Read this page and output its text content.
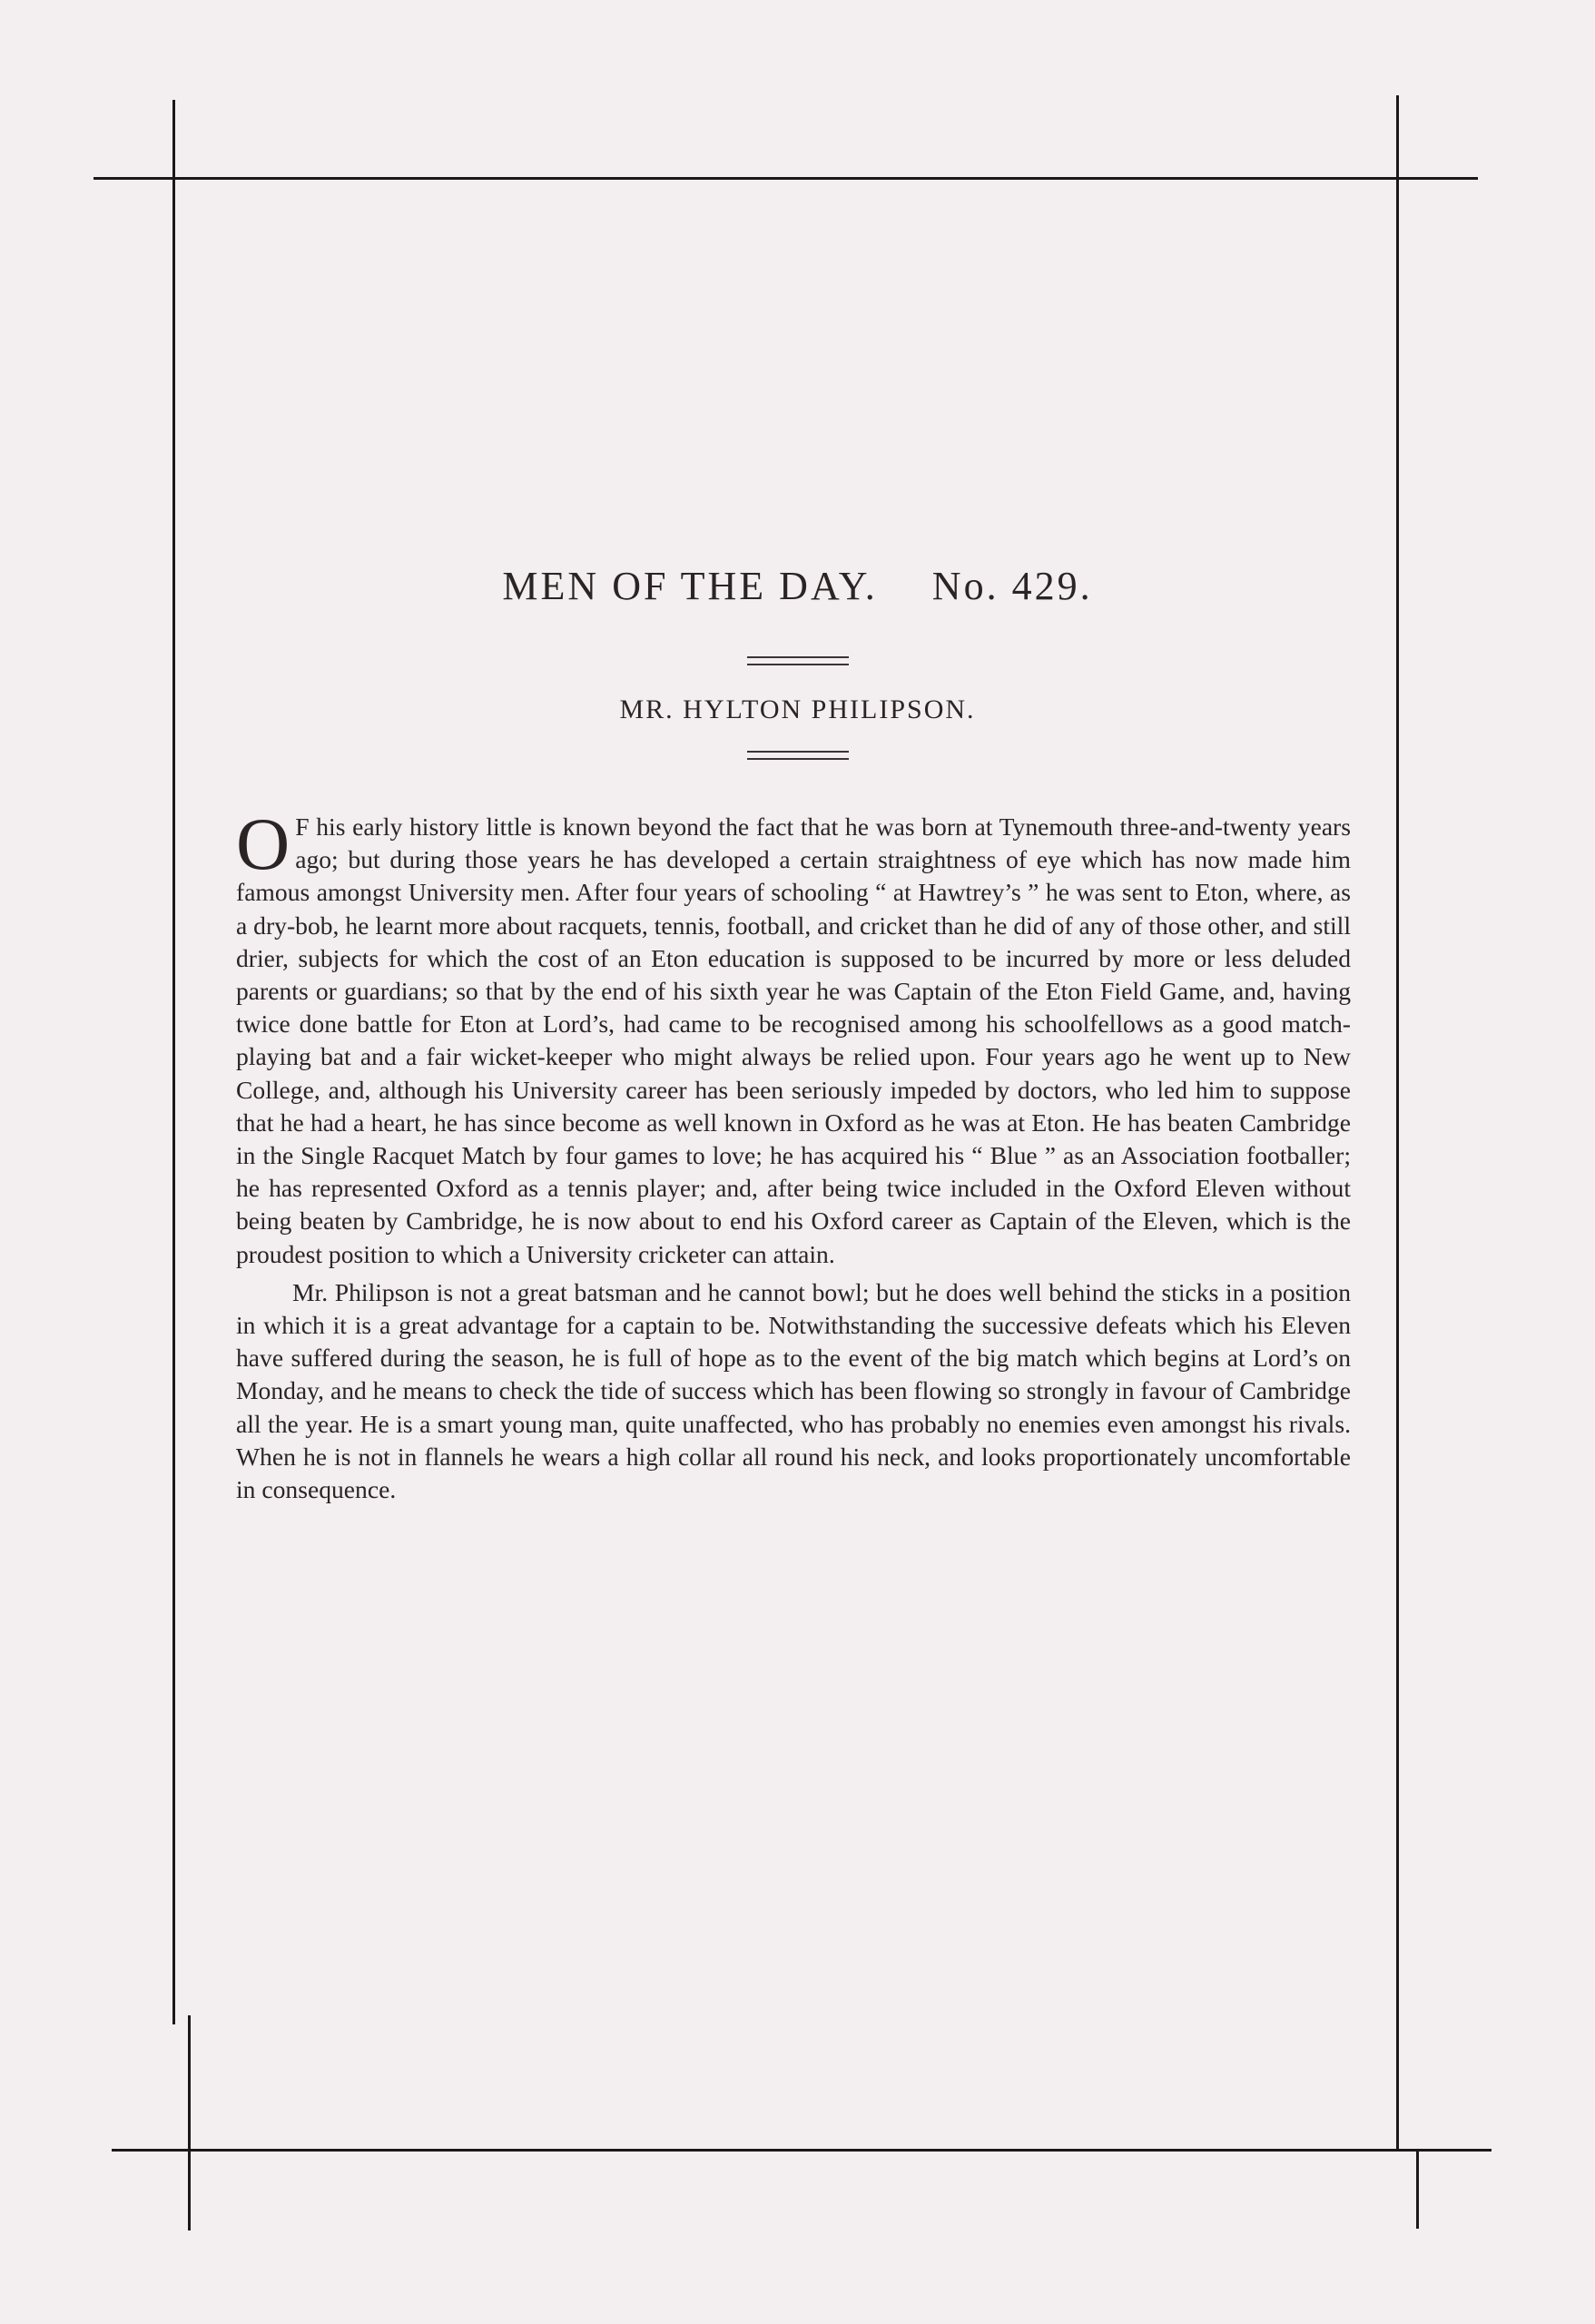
MEN OF THE DAY. No. 429.

MR. HYLTON PHILIPSON.

O F his early history little is known beyond the fact that he was born at Tynemouth three-and-twenty years ago; but during those years he has developed a certain straightness of eye which has now made him famous amongst University men. After four years of schooling “ at Hawtrey’s ” he was sent to Eton, where, as a dry-bob, he learnt more about racquets, tennis, football, and cricket than he did of any of those other, and still drier, subjects for which the cost of an Eton education is supposed to be incurred by more or less deluded parents or guardians; so that by the end of his sixth year he was Captain of the Eton Field Game, and, having twice done battle for Eton at Lord’s, had came to be recognised among his schoolfellows as a good match-playing bat and a fair wicket-keeper who might always be relied upon. Four years ago he went up to New College, and, although his University career has been seriously impeded by doctors, who led him to suppose that he had a heart, he has since become as well known in Oxford as he was at Eton. He has beaten Cambridge in the Single Racquet Match by four games to love; he has acquired his “ Blue ” as an Association footballer; he has represented Oxford as a tennis player; and, after being twice included in the Oxford Eleven without being beaten by Cambridge, he is now about to end his Oxford career as Captain of the Eleven, which is the proudest position to which a University cricketer can attain.

Mr. Philipson is not a great batsman and he cannot bowl; but he does well behind the sticks in a position in which it is a great advantage for a captain to be. Notwithstanding the successive defeats which his Eleven have suffered during the season, he is full of hope as to the event of the big match which begins at Lord’s on Monday, and he means to check the tide of success which has been flowing so strongly in favour of Cambridge all the year. He is a smart young man, quite unaffected, who has probably no enemies even amongst his rivals. When he is not in flannels he wears a high collar all round his neck, and looks proportionately uncomfortable in consequence.
